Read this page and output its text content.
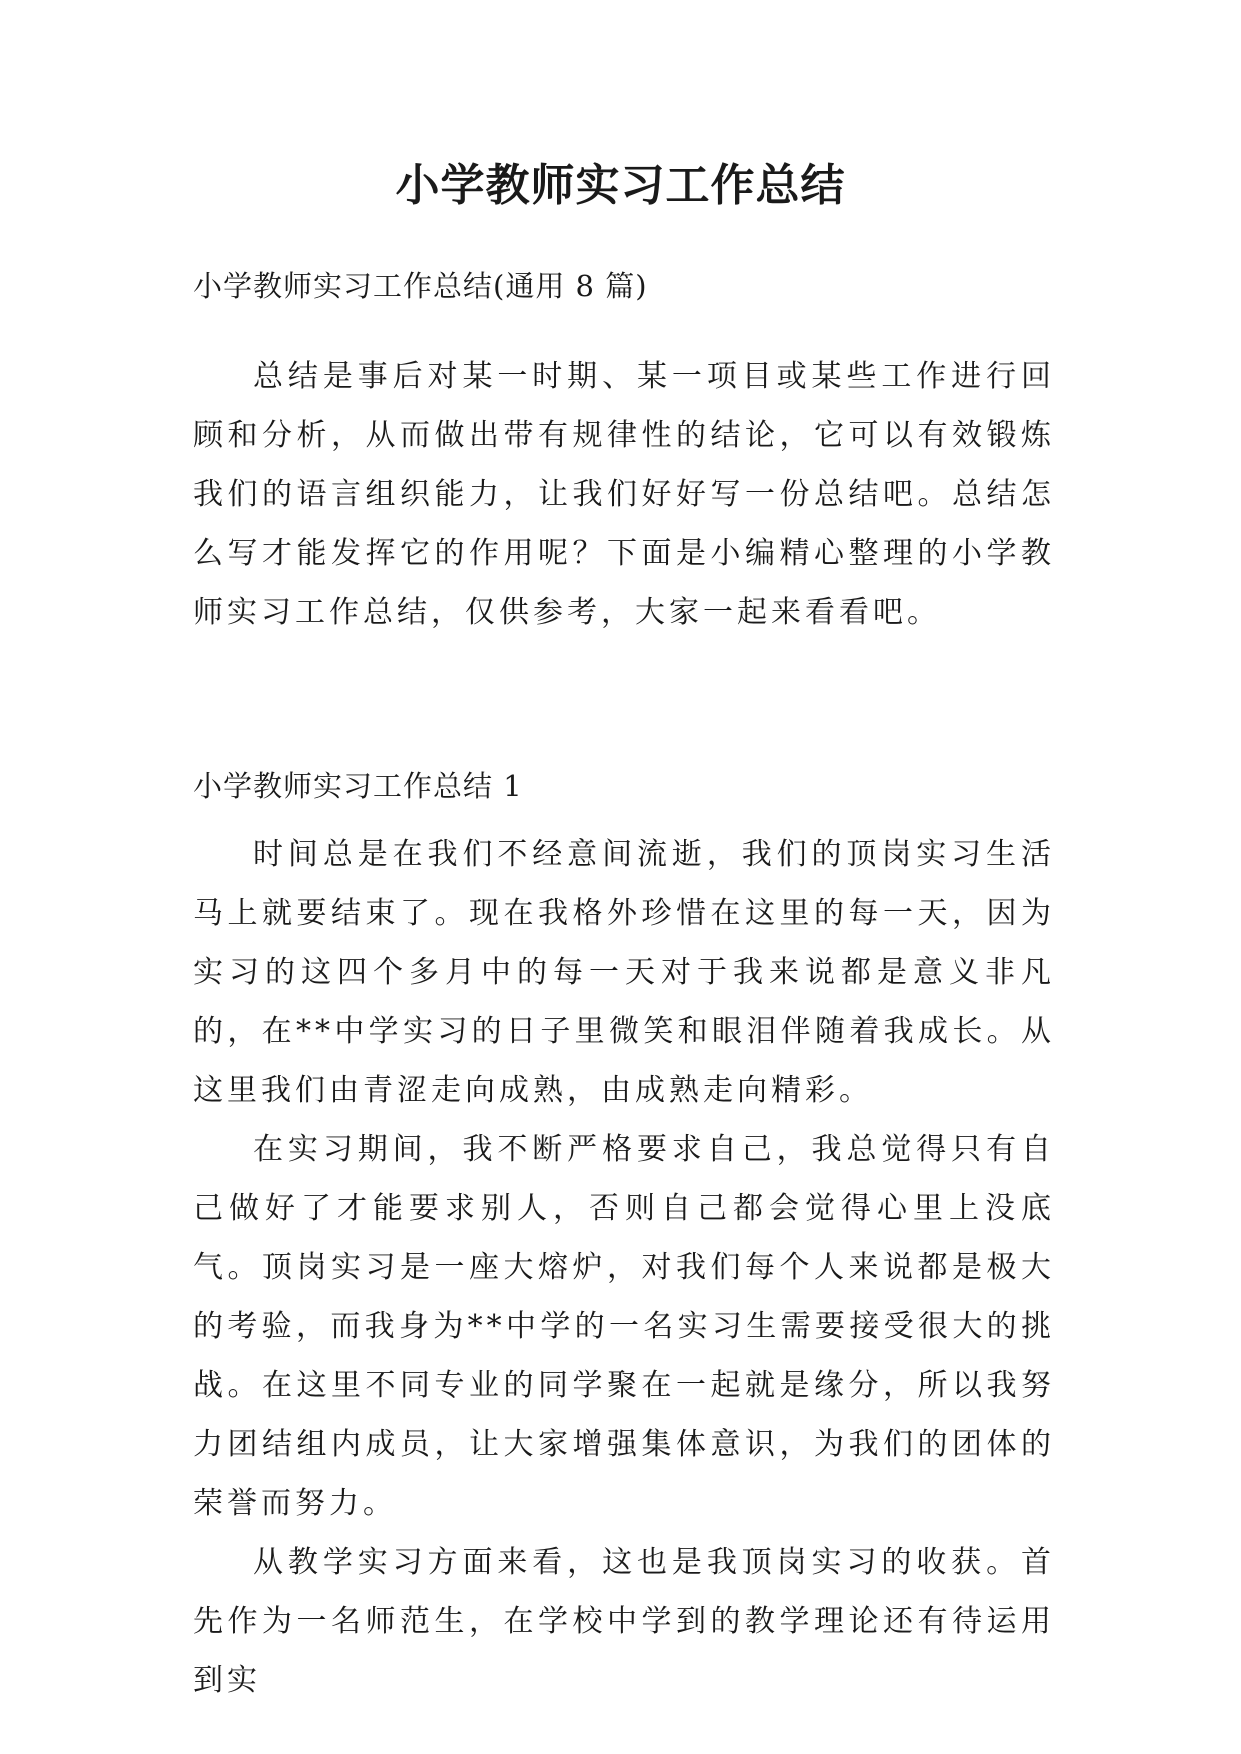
小学教师实习工作总结

小学教师实习工作总结(通用 8 篇)

总结是事后对某一时期、某一项目或某些工作进行回顾和分析，从而做出带有规律性的结论，它可以有效锻炼我们的语言组织能力，让我们好好写一份总结吧。总结怎么写才能发挥它的作用呢？下面是小编精心整理的小学教师实习工作总结，仅供参考，大家一起来看看吧。

小学教师实习工作总结 1

时间总是在我们不经意间流逝，我们的顶岗实习生活马上就要结束了。现在我格外珍惜在这里的每一天，因为实习的这四个多月中的每一天对于我来说都是意义非凡的，在**中学实习的日子里微笑和眼泪伴随着我成长。从这里我们由青涩走向成熟，由成熟走向精彩。

在实习期间，我不断严格要求自己，我总觉得只有自己做好了才能要求别人，否则自己都会觉得心里上没底气。顶岗实习是一座大熔炉，对我们每个人来说都是极大的考验，而我身为**中学的一名实习生需要接受很大的挑战。在这里不同专业的同学聚在一起就是缘分，所以我努力团结组内成员，让大家增强集体意识，为我们的团体的荣誉而努力。

从教学实习方面来看，这也是我顶岗实习的收获。首先作为一名师范生，在学校中学到的教学理论还有待运用到实
